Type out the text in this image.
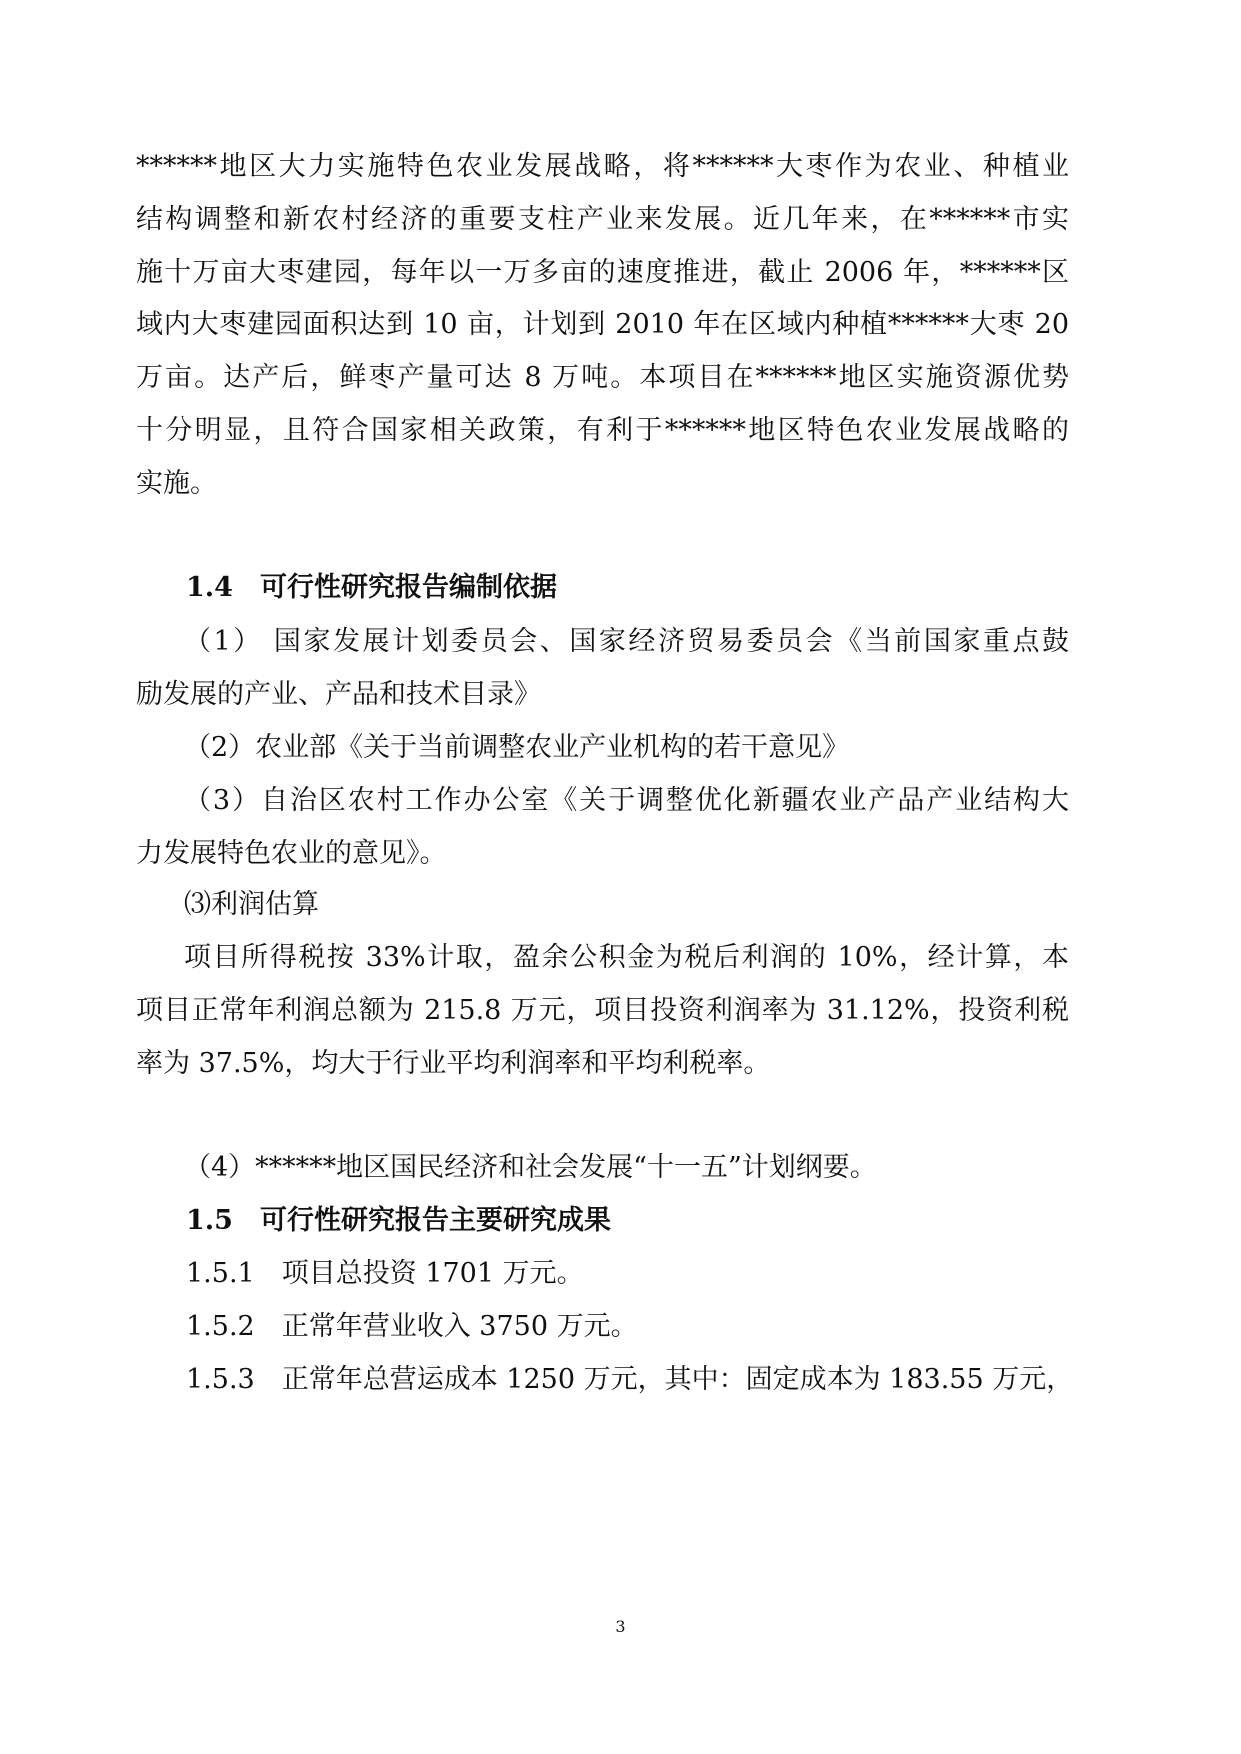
******地区大力实施特色农业发展战略，将******大枣作为农业、种植业
结构调整和新农村经济的重要支柱产业来发展。近几年来，在******市实
施十万亩大枣建园，每年以一万多亩的速度推进，截止 2006 年，******区
域内大枣建园面积达到 10 亩，计划到 2010 年在区域内种植******大枣 20
万亩。达产后，鲜枣产量可达 8 万吨。本项目在******地区实施资源优势
十分明显，且符合国家相关政策，有利于******地区特色农业发展战略的
实施。
1.4　可行性研究报告编制依据
（1） 国家发展计划委员会、国家经济贸易委员会《当前国家重点鼓
励发展的产业、产品和技术目录》
（2）农业部《关于当前调整农业产业机构的若干意见》
（3）自治区农村工作办公室《关于调整优化新疆农业产品产业结构大
力发展特色农业的意见》。
⑶利润估算
项目所得税按 33%计取，盈余公积金为税后利润的 10%，经计算，本
项目正常年利润总额为 215.8 万元，项目投资利润率为 31.12%，投资利税
率为 37.5%，均大于行业平均利润率和平均利税率。
（4）******地区国民经济和社会发展“十一五”计划纲要。
1.5　可行性研究报告主要研究成果
1.5.1　项目总投资 1701 万元。
1.5.2　正常年营业收入 3750 万元。
1.5.3　正常年总营运成本 1250 万元，其中：固定成本为 183.55 万元，
3
